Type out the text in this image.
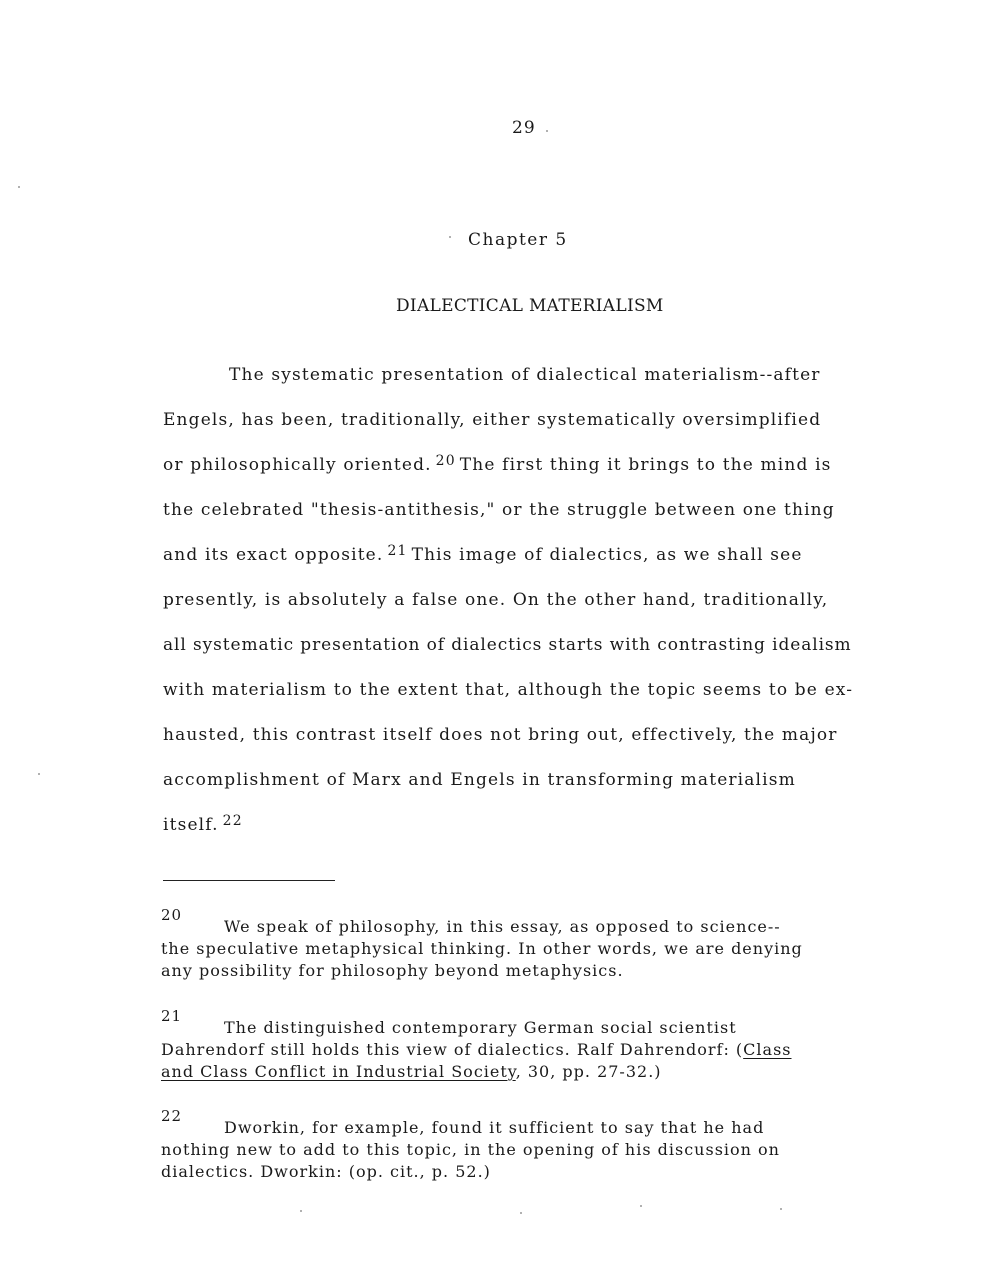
29
Chapter 5
DIALECTICAL MATERIALISM
The systematic presentation of dialectical materialism--after
Engels, has been, traditionally, either systematically oversimplified
or philosophically oriented. $^{20}$ The first thing it brings to the mind is
the celebrated "thesis-antithesis," or the struggle between one thing
and its exact opposite. $^{21}$ This image of dialectics, as we shall see
presently, is absolutely a false one. On the other hand, traditionally,
all systematic presentation of dialectics starts with contrasting idealism
with materialism to the extent that, although the topic seems to be ex-
hausted, this contrast itself does not bring out, effectively, the major
accomplishment of Marx and Engels in transforming materialism
itself. $^{22}$
20
We speak of philosophy, in this essay, as opposed to science--
the speculative metaphysical thinking. In other words, we are denying
any possibility for philosophy beyond metaphysics.
21
The distinguished contemporary German social scientist
Dahrendorf still holds this view of dialectics. Ralf Dahrendorf: (Class
and Class Conflict in Industrial Society, 30, pp. 27-32.)
22
Dworkin, for example, found it sufficient to say that he had
nothing new to add to this topic, in the opening of his discussion on
dialectics. Dworkin: (op. cit., p. 52.)
